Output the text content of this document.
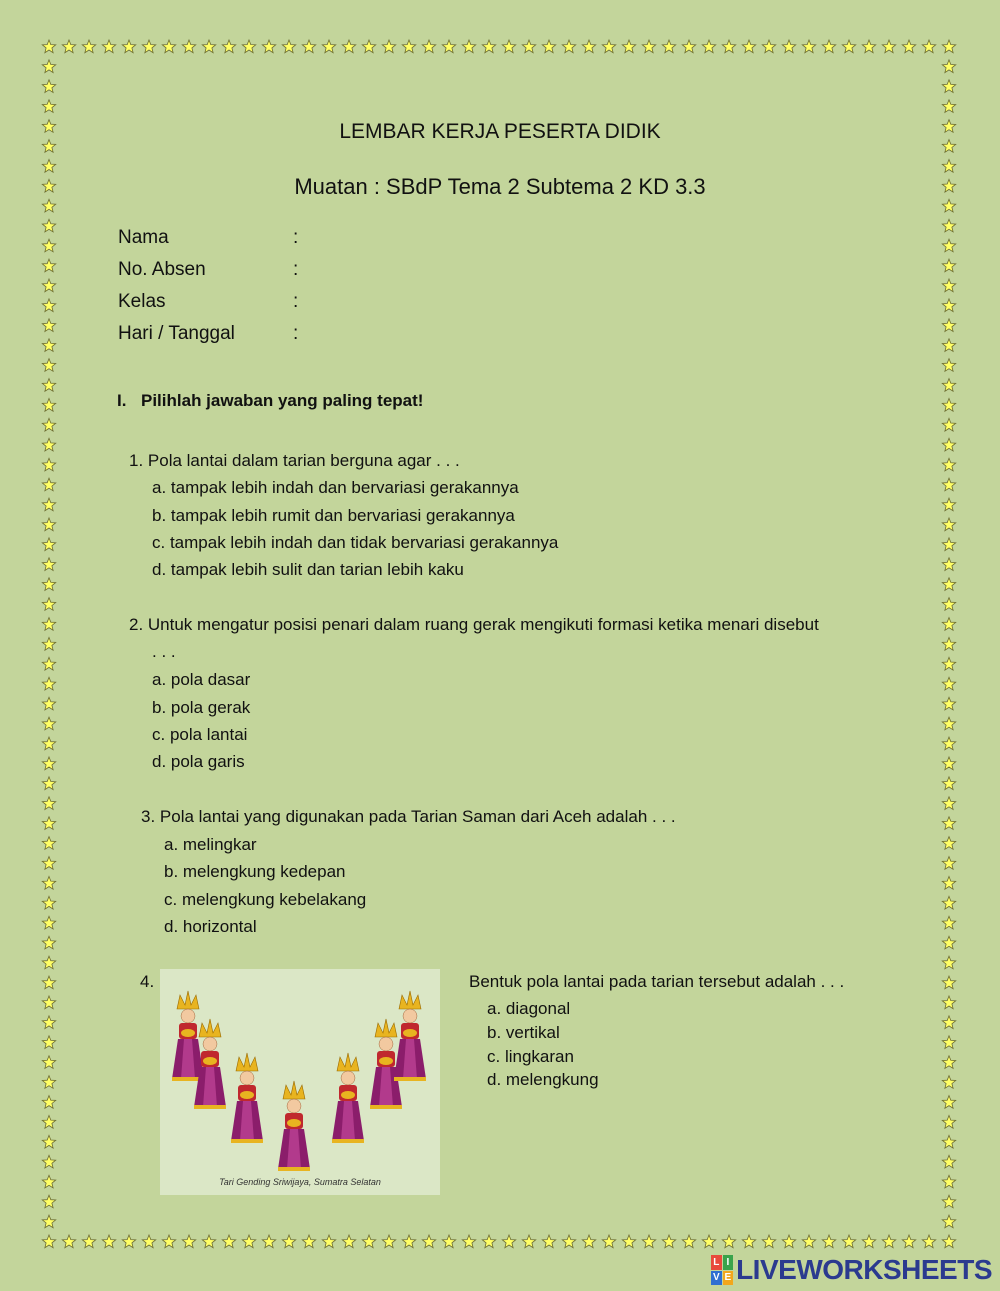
LEMBAR KERJA PESERTA DIDIK
Muatan : SBdP Tema 2 Subtema 2 KD 3.3
Nama	:
No. Absen	:
Kelas	:
Hari / Tanggal	:
I. Pilihlah jawaban yang paling tepat!
1. Pola lantai dalam tarian berguna agar . . .
a. tampak lebih indah dan bervariasi gerakannya
b. tampak lebih rumit dan bervariasi gerakannya
c. tampak lebih indah dan tidak bervariasi gerakannya
d. tampak lebih sulit dan tarian lebih kaku
2. Untuk mengatur posisi penari dalam ruang gerak mengikuti formasi ketika menari disebut
. . .
a. pola dasar
b. pola gerak
c. pola lantai
d. pola garis
3. Pola lantai yang digunakan pada Tarian Saman dari Aceh adalah . . .
a. melingkar
b. melengkung kedepan
c. melengkung kebelakang
d. horizontal
4.
Tari Gending Sriwijaya, Sumatra Selatan
Bentuk pola lantai pada tarian tersebut adalah . . .
a. diagonal
b. vertikal
c. lingkaran
d. melengkung
L I
V E LIVEWORKSHEETS
